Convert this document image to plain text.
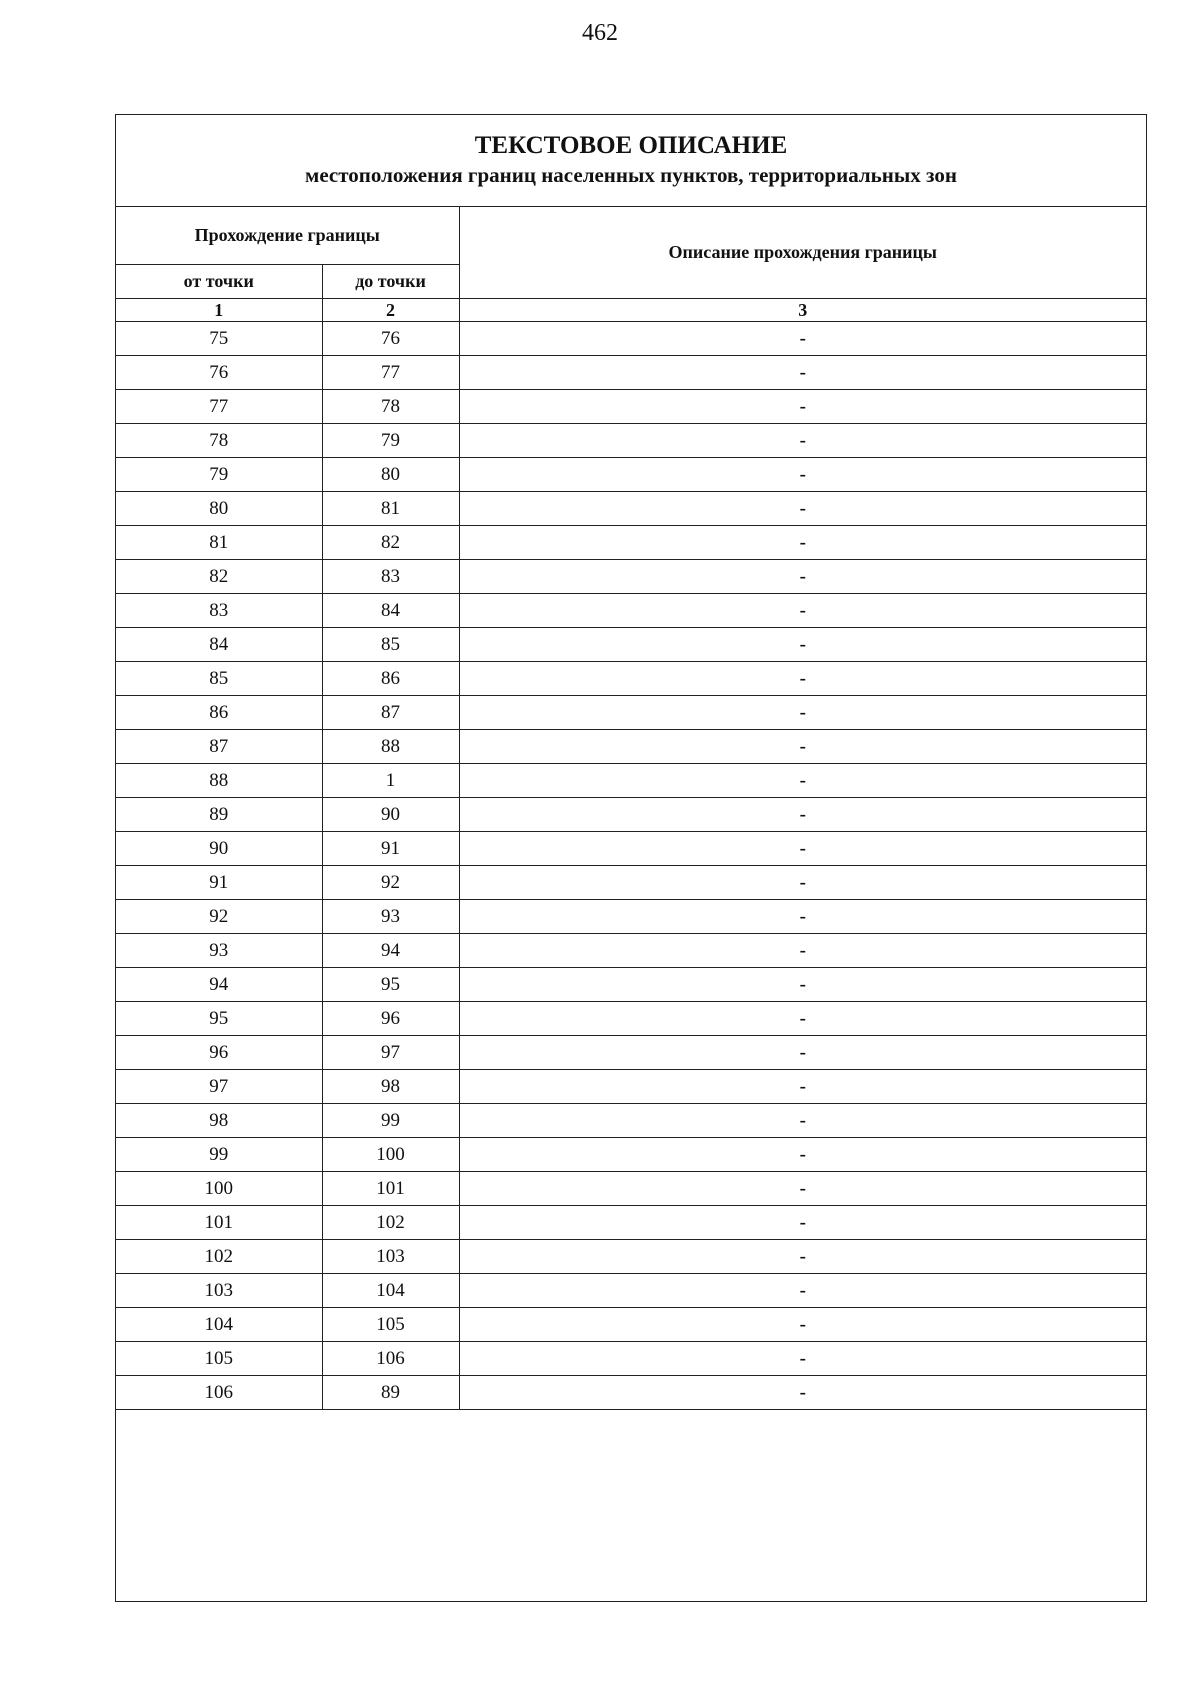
462
ТЕКСТОВОЕ ОПИСАНИЕ
местоположения границ населенных пунктов, территориальных зон
Прохождение границы		Описание прохождения границы
от точки	до точки	
1	2	3
75	76	-
76	77	-
77	78	-
78	79	-
79	80	-
80	81	-
81	82	-
82	83	-
83	84	-
84	85	-
85	86	-
86	87	-
87	88	-
88	1	-
89	90	-
90	91	-
91	92	-
92	93	-
93	94	-
94	95	-
95	96	-
96	97	-
97	98	-
98	99	-
99	100	-
100	101	-
101	102	-
102	103	-
103	104	-
104	105	-
105	106	-
106	89	-
